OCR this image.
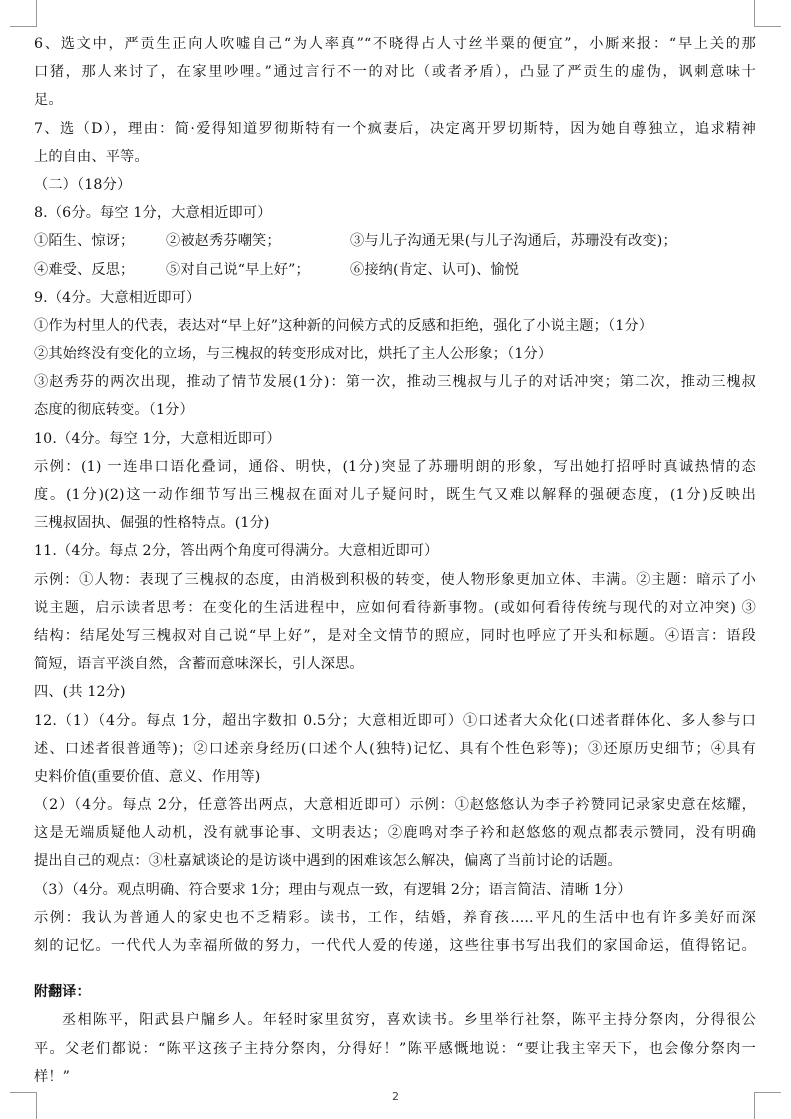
6、选文中，严贡生正向人吹嘘自己“为人率真”“不晓得占人寸丝半粟的便宜”，小厮来报：“早上关的那
口猪，那人来讨了，在家里吵哩。”通过言行不一的对比（或者矛盾），凸显了严贡生的虚伪，讽刺意味十
足。
7、选（D），理由：简·爱得知道罗彻斯特有一个疯妻后，决定离开罗切斯特，因为她自尊独立，追求精神
上的自由、平等。
（二）（18分）
8.（6分。每空 1分，大意相近即可）
①陌生、惊讶； ②被赵秀芬嘲笑；	③与儿子沟通无果(与儿子沟通后，苏珊没有改变)；
④难受、反思； ⑤对自己说“早上好”；	⑥接纳(肯定、认可)、愉悦
9.（4分。大意相近即可）
①作为村里人的代表，表达对“早上好”这种新的问候方式的反感和拒绝，强化了小说主题；（1分）
②其始终没有变化的立场，与三槐叔的转变形成对比，烘托了主人公形象；（1分）
③赵秀芬的两次出现，推动了情节发展(1分)：第一次，推动三槐叔与儿子的对话冲突；第二次，推动三槐叔
态度的彻底转变。（1分）
10.（4分。每空 1分，大意相近即可）
示例：(1) 一连串口语化叠词，通俗、明快，(1分)突显了苏珊明朗的形象，写出她打招呼时真诚热情的态
度。(1分)(2)这一动作细节写出三槐叔在面对儿子疑问时，既生气又难以解释的强硬态度，(1分)反映出
三槐叔固执、倔强的性格特点。(1分)
11.（4分。每点 2分，答出两个角度可得满分。大意相近即可）
示例：①人物：表现了三槐叔的态度，由消极到积极的转变，使人物形象更加立体、丰满。②主题：暗示了小
说主题，启示读者思考：在变化的生活进程中，应如何看待新事物。(或如何看待传统与现代的对立冲突) ③
结构：结尾处写三槐叔对自己说“早上好”，是对全文情节的照应，同时也呼应了开头和标题。④语言：语段
简短，语言平淡自然，含蓄而意味深长，引人深思。
四、(共 12分)
12.（1）（4分。每点 1分，超出字数扣 0.5分；大意相近即可）①口述者大众化(口述者群体化、多人参与口
述、口述者很普通等)；②口述亲身经历(口述个人(独特)记忆、具有个性色彩等)；③还原历史细节；④具有
史料价值(重要价值、意义、作用等)
（2）（4分。每点 2分，任意答出两点，大意相近即可）示例：①赵悠悠认为李子衿赞同记录家史意在炫耀，
这是无端质疑他人动机，没有就事论事、文明表达；②鹿鸣对李子衿和赵悠悠的观点都表示赞同，没有明确
提出自己的观点：③杜嘉斌谈论的是访谈中遇到的困难该怎么解决，偏离了当前讨论的话题。
（3）（4分。观点明确、符合要求 1分；理由与观点一致，有逻辑 2分；语言简洁、清晰 1分）
示例：我认为普通人的家史也不乏精彩。读书，工作，结婚，养育孩.....平凡的生活中也有许多美好而深
刻的记忆。一代代人为幸福所做的努力，一代代人爱的传递，这些往事书写出我们的家国命运，值得铭记。
附翻译：
丞相陈平，阳武县户牖乡人。年轻时家里贫穷，喜欢读书。乡里举行社祭，陈平主持分祭肉，分得很公
平。父老们都说：“陈平这孩子主持分祭肉，分得好！”陈平感慨地说：“要让我主宰天下，也会像分祭肉一
样！”
2
